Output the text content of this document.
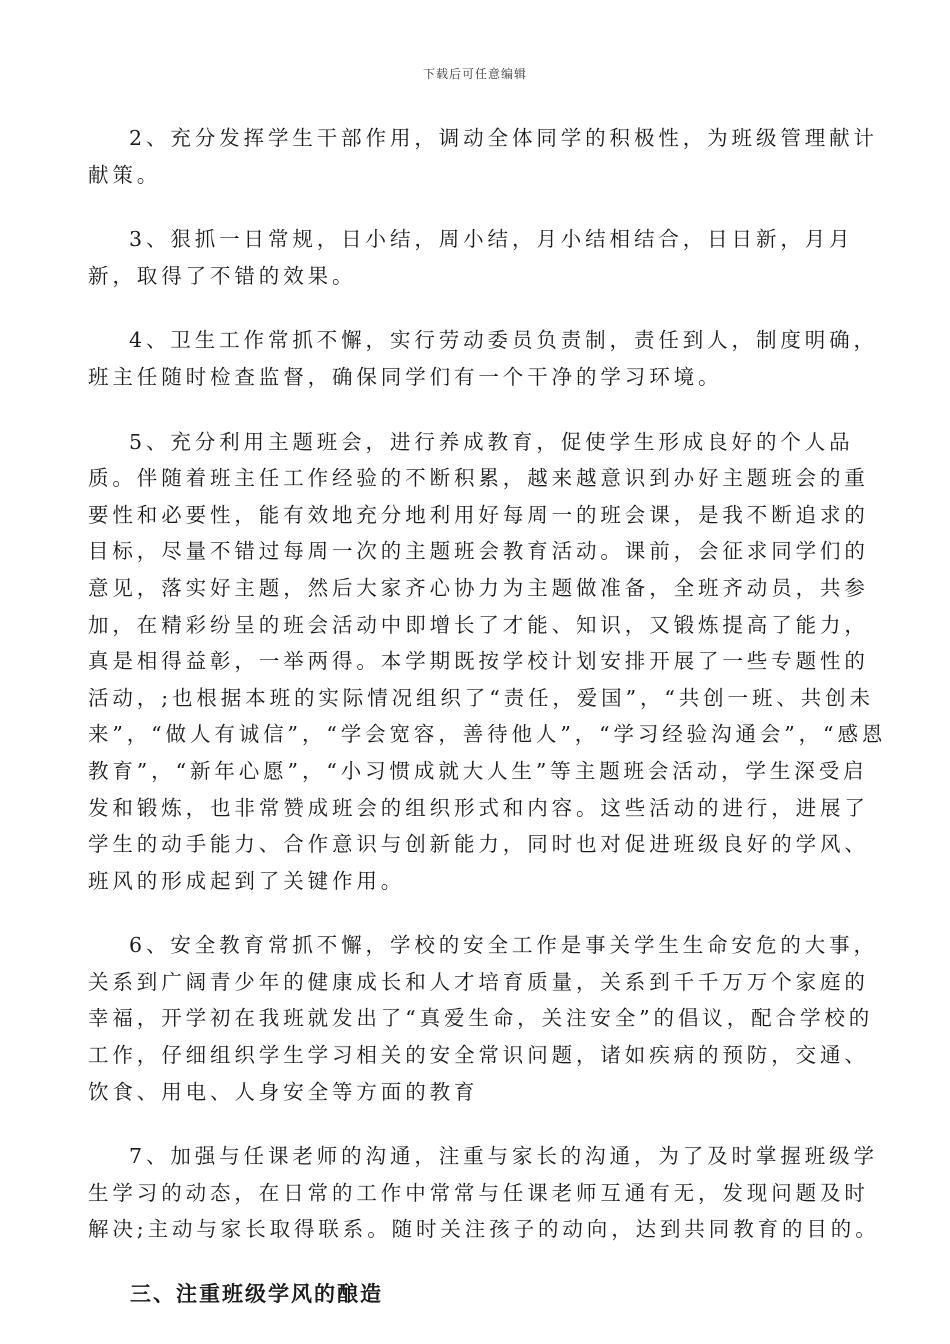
下载后可任意编辑

2、充分发挥学生干部作用，调动全体同学的积极性，为班级管理献计献策。

3、狠抓一日常规，日小结，周小结，月小结相结合，日日新，月月新，取得了不错的效果。

4、卫生工作常抓不懈，实行劳动委员负责制，责任到人，制度明确，班主任随时检查监督，确保同学们有一个干净的学习环境。

5、充分利用主题班会，进行养成教育，促使学生形成良好的个人品质。伴随着班主任工作经验的不断积累，越来越意识到办好主题班会的重要性和必要性，能有效地充分地利用好每周一的班会课，是我不断追求的目标，尽量不错过每周一次的主题班会教育活动。课前，会征求同学们的意见，落实好主题，然后大家齐心协力为主题做准备，全班齐动员，共参加，在精彩纷呈的班会活动中即增长了才能、知识，又锻炼提高了能力，真是相得益彰，一举两得。本学期既按学校计划安排开展了一些专题性的活动，;也根据本班的实际情况组织了“责任，爱国”，“共创一班、共创未来”，“做人有诚信”，“学会宽容，善待他人”，“学习经验沟通会”，“感恩教育”，“新年心愿”，“小习惯成就大人生”等主题班会活动，学生深受启发和锻炼，也非常赞成班会的组织形式和内容。这些活动的进行，进展了学生的动手能力、合作意识与创新能力，同时也对促进班级良好的学风、班风的形成起到了关键作用。

6、安全教育常抓不懈，学校的安全工作是事关学生生命安危的大事，关系到广阔青少年的健康成长和人才培育质量，关系到千千万万个家庭的幸福，开学初在我班就发出了“真爱生命，关注安全”的倡议，配合学校的工作，仔细组织学生学习相关的安全常识问题，诸如疾病的预防，交通、饮食、用电、人身安全等方面的教育

7、加强与任课老师的沟通，注重与家长的沟通，为了及时掌握班级学生学习的动态，在日常的工作中常常与任课老师互通有无，发现问题及时解决;主动与家长取得联系。随时关注孩子的动向，达到共同教育的目的。

三、注重班级学风的酿造
